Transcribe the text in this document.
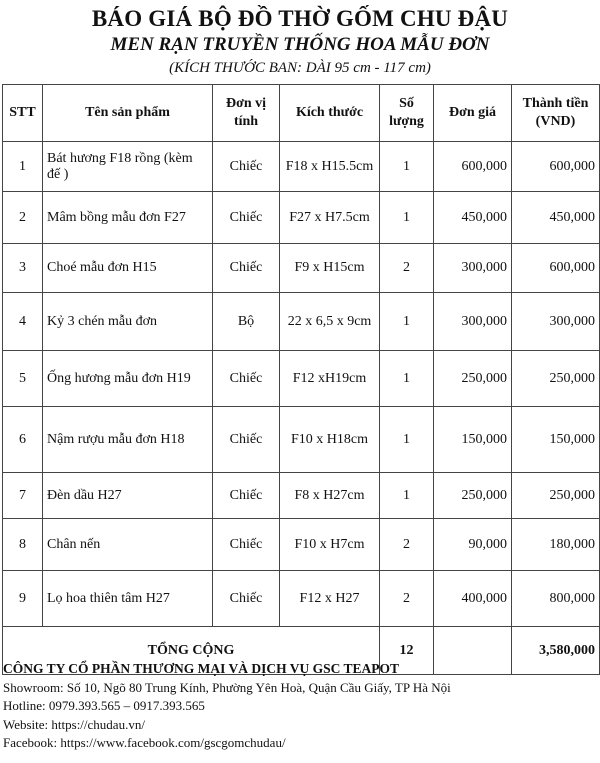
BÁO GIÁ BỘ ĐỒ THỜ GỐM CHU ĐẬU
MEN RẠN TRUYỀN THỐNG HOA MẪU ĐƠN
(KÍCH THƯỚC BAN: DÀI 95 cm - 117 cm)
STT	Tên sản phẩm	Đơn vị tính	Kích thước	Số lượng	Đơn giá	Thành tiền (VND)
1	Bát hương F18 rồng (kèm đế )	Chiếc	F18 x H15.5cm	1	600,000	600,000
2	Mâm bồng mẫu đơn F27	Chiếc	F27 x H7.5cm	1	450,000	450,000
3	Choé mẫu đơn H15	Chiếc	F9 x H15cm	2	300,000	600,000
4	Kỷ 3 chén mẫu đơn	Bộ	22 x 6,5 x 9cm	1	300,000	300,000
5	Ống hương mẫu đơn H19	Chiếc	F12 xH19cm	1	250,000	250,000
6	Nậm rượu mẫu đơn H18	Chiếc	F10 x H18cm	1	150,000	150,000
7	Đèn dầu H27	Chiếc	F8 x H27cm	1	250,000	250,000
8	Chân nến	Chiếc	F10 x H7cm	2	90,000	180,000
9	Lọ hoa thiên tâm H27	Chiếc	F12 x H27	2	400,000	800,000
TỔNG CỘNG				12		3,580,000
CÔNG TY CỔ PHẦN THƯƠNG MẠI VÀ DỊCH VỤ GSC TEAPOT
Showroom: Số 10, Ngõ 80 Trung Kính, Phường Yên Hoà, Quận Cầu Giấy, TP Hà Nội
Hotline: 0979.393.565 – 0917.393.565
Website: https://chudau.vn/
Facebook: https://www.facebook.com/gscgomchudau/
